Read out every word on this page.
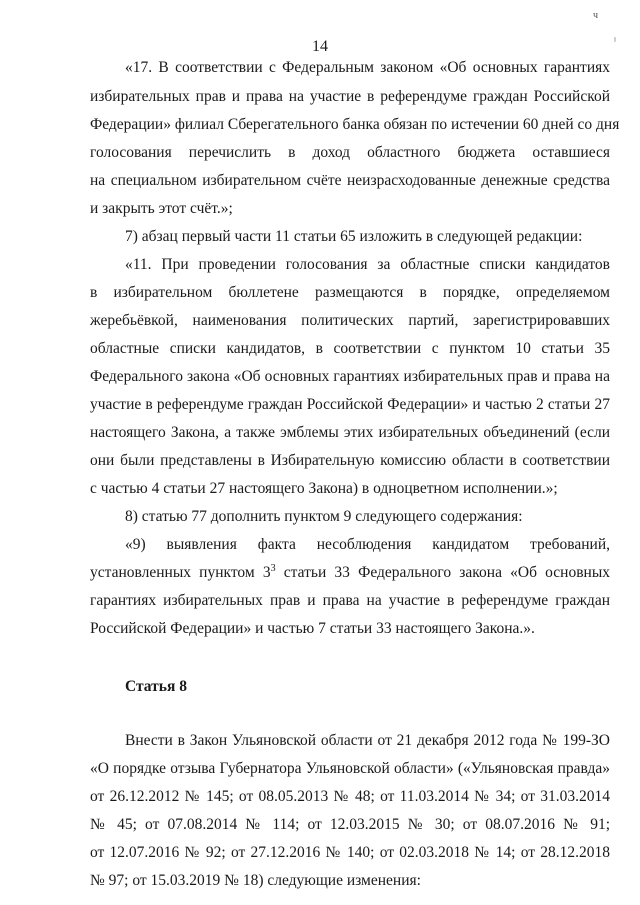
ч
ᴵ
14
«17. В соответствии с Федеральным законом «Об основных гарантиях
избирательных прав и права на участие в референдуме граждан Российской
Федерации» филиал Сберегательного банка обязан по истечении 60 дней со дня
голосования перечислить в доход областного бюджета оставшиеся
на специальном избирательном счёте неизрасходованные денежные средства
и закрыть этот счёт.»;
7) абзац первый части 11 статьи 65 изложить в следующей редакции:
«11. При проведении голосования за областные списки кандидатов
в избирательном бюллетене размещаются в порядке, определяемом
жеребьёвкой, наименования политических партий, зарегистрировавших
областные списки кандидатов, в соответствии с пунктом 10 статьи 35
Федерального закона «Об основных гарантиях избирательных прав и права на
участие в референдуме граждан Российской Федерации» и частью 2 статьи 27
настоящего Закона, а также эмблемы этих избирательных объединений (если
они были представлены в Избирательную комиссию области в соответствии
с частью 4 статьи 27 настоящего Закона) в одноцветном исполнении.»;
8) статью 77 дополнить пунктом 9 следующего содержания:
«9) выявления факта несоблюдения кандидатом требований,
установленных пунктом $3^3$ статьи 33 Федерального закона «Об основных
гарантиях избирательных прав и права на участие в референдуме граждан
Российской Федерации» и частью 7 статьи 33 настоящего Закона.».
Статья 8
Внести в Закон Ульяновской области от 21 декабря 2012 года № 199-ЗО
«О порядке отзыва Губернатора Ульяновской области» («Ульяновская правда»
от 26.12.2012 № 145; от 08.05.2013 № 48; от 11.03.2014 № 34; от 31.03.2014
№ 45; от 07.08.2014 № 114; от 12.03.2015 № 30; от 08.07.2016 № 91;
от 12.07.2016 № 92; от 27.12.2016 № 140; от 02.03.2018 № 14; от 28.12.2018
№ 97; от 15.03.2019 № 18) следующие изменения:
